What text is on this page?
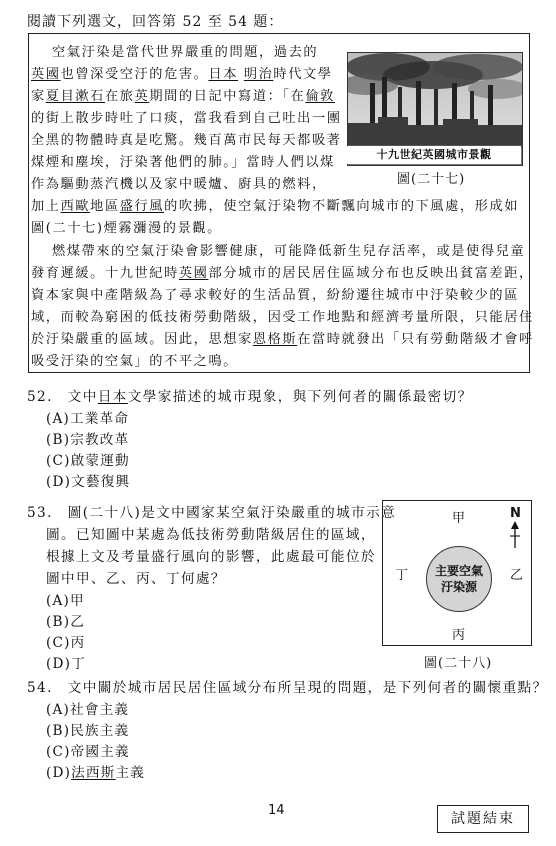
閱讀下列選文，回答第 52 至 54 題：
空氣汙染是當代世界嚴重的問題，過去的
英國也曾深受空汙的危害。日本 明治時代文學
家夏目漱石在旅英期間的日記中寫道：「在倫敦
的街上散步時吐了口痰，當我看到自己吐出一團
全黑的物體時真是吃驚。幾百萬市民每天都吸著
煤煙和塵埃，汙染著他們的肺。」當時人們以煤
作為驅動蒸汽機以及家中暖爐、廚具的燃料，
加上西歐地區盛行風的吹拂，使空氣汙染物不斷飄向城市的下風處，形成如
圖(二十七)煙霧瀰漫的景觀。
燃煤帶來的空氣汙染會影響健康，可能降低新生兒存活率，或是使得兒童
發育遲緩。十九世紀時英國部分城市的居民居住區域分布也反映出貧富差距，
資本家與中產階級為了尋求較好的生活品質，紛紛遷往城市中汙染較少的區
域，而較為窮困的低技術勞動階級，因受工作地點和經濟考量所限，只能居住
於汙染嚴重的區域。因此，思想家恩格斯在當時就發出「只有勞動階級才會呼
吸受汙染的空氣」的不平之鳴。
十九世紀英國城市景觀
圖(二十七)
52.　文中日本文學家描述的城市現象，與下列何者的關係最密切？
(A)工業革命
(B)宗教改革
(C)啟蒙運動
(D)文藝復興
53.　圖(二十八)是文中國家某空氣汙染嚴重的城市示意
圖。已知圖中某處為低技術勞動階級居住的區域，
根據上文及考量盛行風向的影響，此處最可能位於
圖中甲、乙、丙、丁何處？
(A)甲
(B)乙
(C)丙
(D)丁
甲
乙
丙
丁
N
主要空氣
汙染源
圖(二十八)
54.　文中關於城市居民居住區域分布所呈現的問題，是下列何者的關懷重點？
(A)社會主義
(B)民族主義
(C)帝國主義
(D)法西斯主義
14
試題結束
